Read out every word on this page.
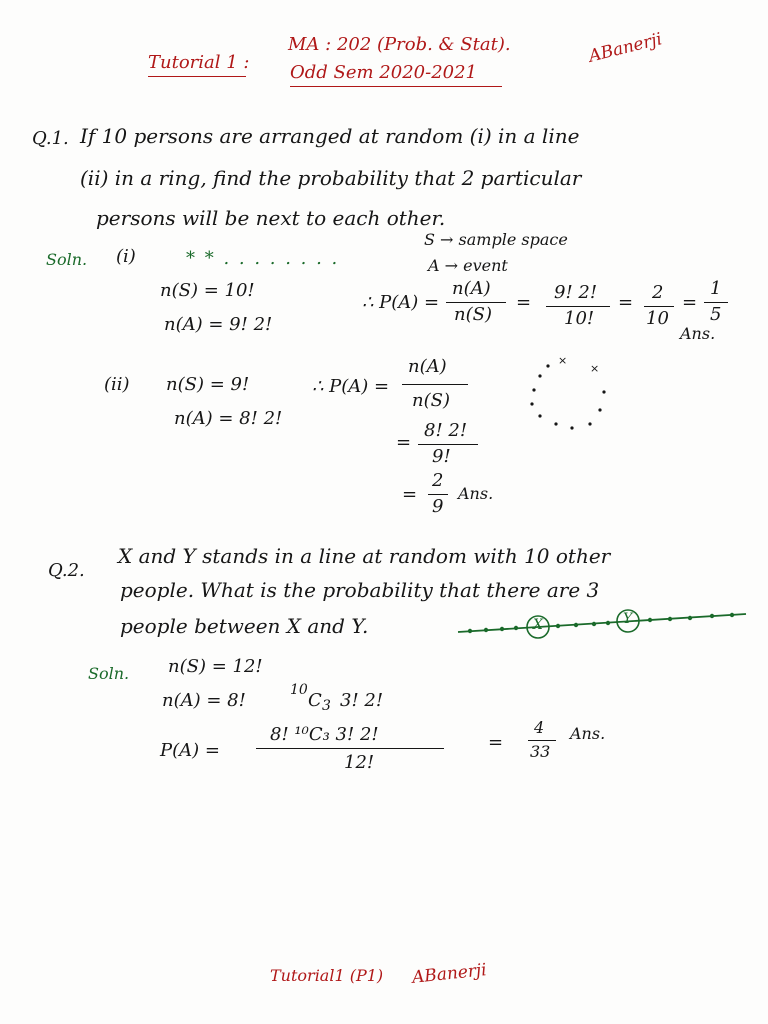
Tutorial 1 :
MA : 202 (Prob. & Stat).
Odd Sem 2020-2021
ABanerji
Q.1. If 10 persons are arranged at random (i) in a line
(ii) in a ring, find the probability that 2 particular
persons will be next to each other.
Soln. (i)	* * . . . . . . . .
S → sample space
A → event
n(S) = 10!
n(A) = 9! 2!
∴ P(A) =
n(A)
n(S)
= 9! 2!
10!
= 2
10
=
1
5
Ans.
(ii) n(S) = 9!
n(A) = 8! 2!
∴ P(A) =
n(A)
n(S)
=
8! 2!
9!
=
2
9
Ans.
×
×
Q.2.
X and Y stands in a line at random with 10 other
people. What is the probability that there are 3
people between X and Y.	X	Y
Soln. n(S) = 12!
n(A) = 8!	10 C 3 3! 2!
P(A) =
8! ¹⁰C₃ 3! 2!
12!
=
4
33
Ans.
Tutorial1 (P1) ABanerji
